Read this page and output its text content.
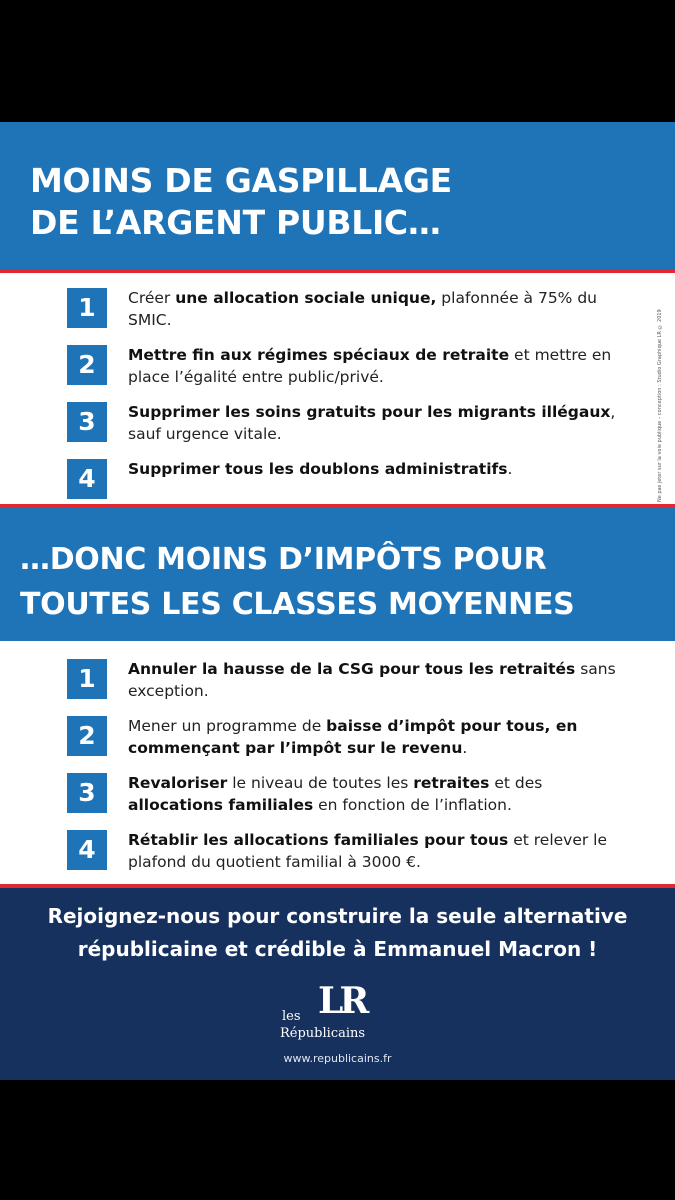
MOINS DE GASPILLAGE
DE L’ARGENT PUBLIC…
1	Créer une allocation sociale unique, plafonnée à 75% du SMIC.
2	Mettre fin aux régimes spéciaux de retraite et mettre en place l’égalité entre public/privé.
3	Supprimer les soins gratuits pour les migrants illégaux, sauf urgence vitale.
4	Supprimer tous les doublons administratifs.
…DONC MOINS D’IMPÔTS POUR
TOUTES LES CLASSES MOYENNES
1	Annuler la hausse de la CSG pour tous les retraités sans exception.
2	Mener un programme de baisse d’impôt pour tous, en commençant par l’impôt sur le revenu.
3	Revaloriser le niveau de toutes les retraites et des allocations familiales en fonction de l’inflation.
4	Rétablir les allocations familiales pour tous et relever le plafond du quotient familial à 3000 €.
Ne pas jeter sur la voie publique – conception : Studio Graphique LR © 2019
Rejoignez-nous pour construire la seule alternative
républicaine et crédible à Emmanuel Macron !
les LR
Républicains
www.republicains.fr
